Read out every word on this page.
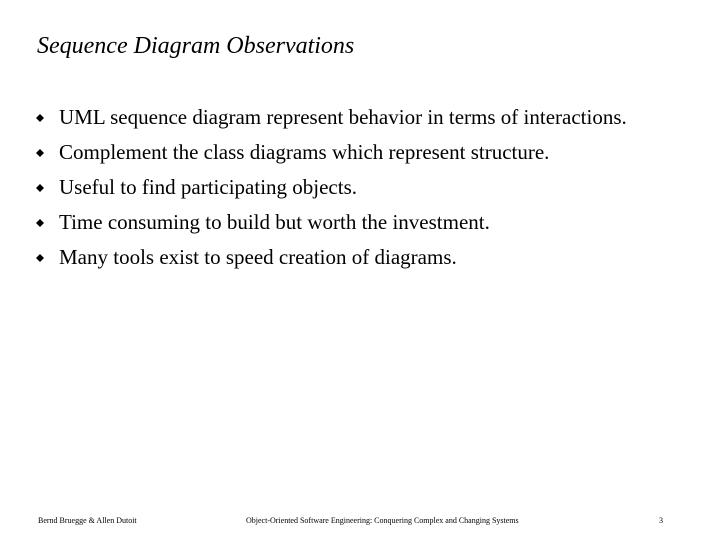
Sequence Diagram Observations
UML sequence diagram represent behavior in terms of interactions.
Complement the class diagrams which represent structure.
Useful to find participating objects.
Time consuming to build but worth the investment.
Many tools exist to speed creation of diagrams.
Bernd Bruegge & Allen Dutoit	Object-Oriented Software Engineering: Conquering Complex and Changing Systems	3
